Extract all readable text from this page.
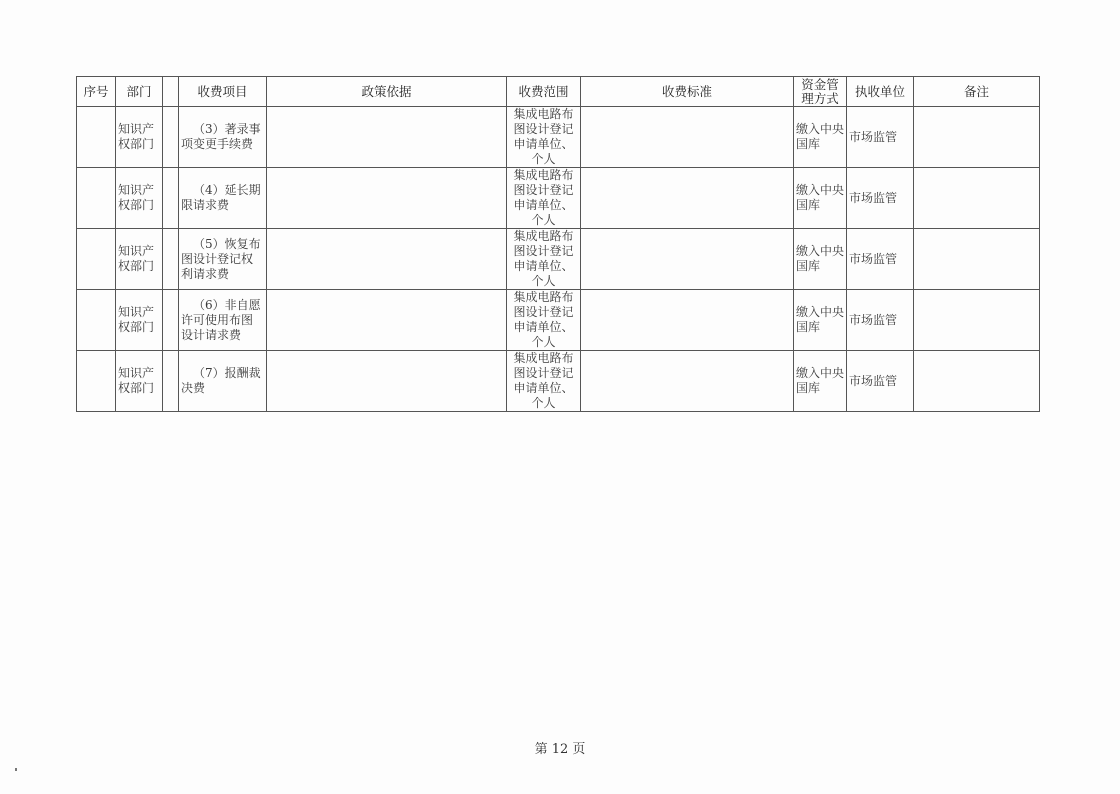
序号	部门		收费项目	政策依据	收费范围	收费标准	资金管理方式	执收单位	备注
	知识产权部门		（3）著录事项变更手续费		集成电路布图设计登记申请单位、个人		缴入中央国库	市场监管	
	知识产权部门		（4）延长期限请求费		集成电路布图设计登记申请单位、个人		缴入中央国库	市场监管	
	知识产权部门		（5）恢复布图设计登记权利请求费		集成电路布图设计登记申请单位、个人		缴入中央国库	市场监管	
	知识产权部门		（6）非自愿许可使用布图设计请求费		集成电路布图设计登记申请单位、个人		缴入中央国库	市场监管	
	知识产权部门		（7）报酬裁决费		集成电路布图设计登记申请单位、个人		缴入中央国库	市场监管	
第 12 页
